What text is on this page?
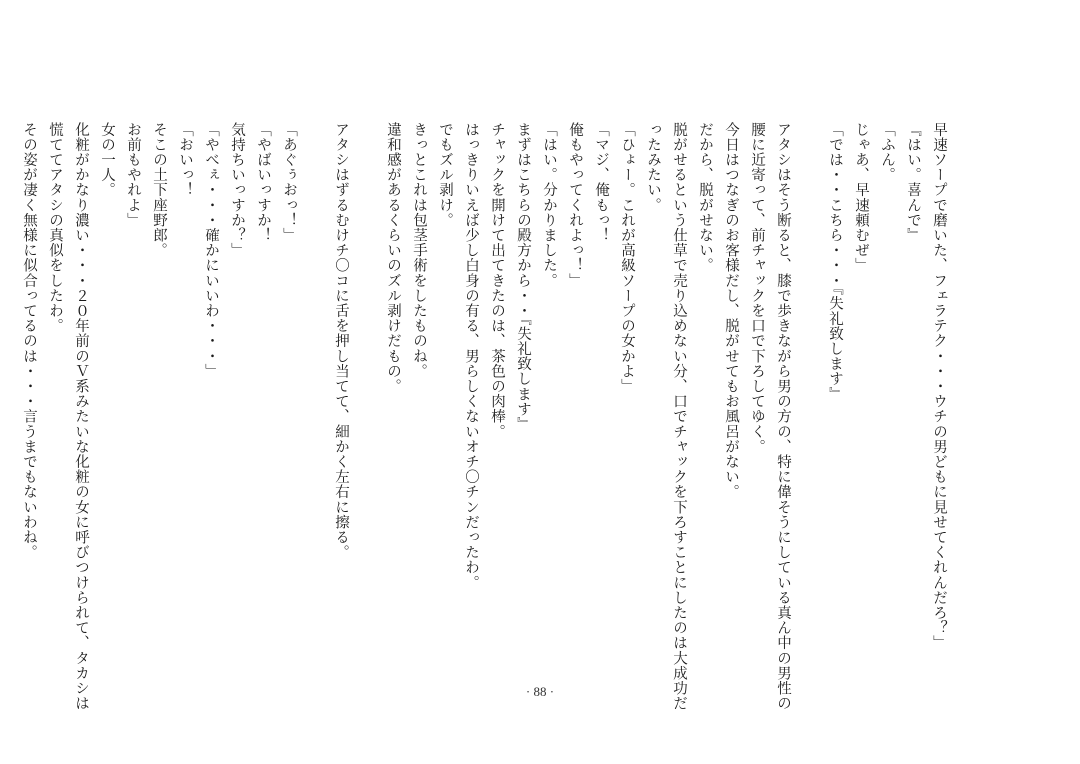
早速ソープで磨いた、フェラテク・・・ウチの男どもに見せてくれんだろ？」
『はい。喜んで』
「ふん。
じゃあ、早速頼むぜ」
「では・・こちら・・・『失礼致します』
アタシはそう断ると、膝で歩きながら男の方の、特に偉そうにしている真ん中の男性の
腰に近寄って、前チャックを口で下ろしてゆく。
今日はつなぎのお客様だし、脱がせてもお風呂がない。
だから、脱がせない。
脱がせるという仕草で売り込めない分、口でチャックを下ろすことにしたのは大成功だ
ったみたい。
「ひょー。これが高級ソープの女かよ」
「マジ、俺もっ！
俺もやってくれよっ！」
「はい。分かりました。
まずはこちらの殿方から・・『失礼致します』
チャックを開けて出てきたのは、茶色の肉棒。
はっきりいえば少し白身の有る、男らしくないオチ〇チンだったわ。
でもズル剥け。
きっとこれは包茎手術をしたものね。
違和感があるくらいのズル剥けだもの。
アタシはずるむけチ〇コに舌を押し当てて、細かく左右に擦る。
「あぐぅおっ！」
「やばいっすか！
気持ちいっすか？」
「やべぇ・・・確かにいいわ・・・」
「おいっ！
そこの土下座野郎。
お前もやれよ」
女の一人。
化粧がかなり濃い・・・２０年前のＶ系みたいな化粧の女に呼びつけられて、タカシは
慌ててアタシの真似をしたわ。
その姿が凄く無様に似合ってるのは・・・言うまでもないわね。
· 88 ·
